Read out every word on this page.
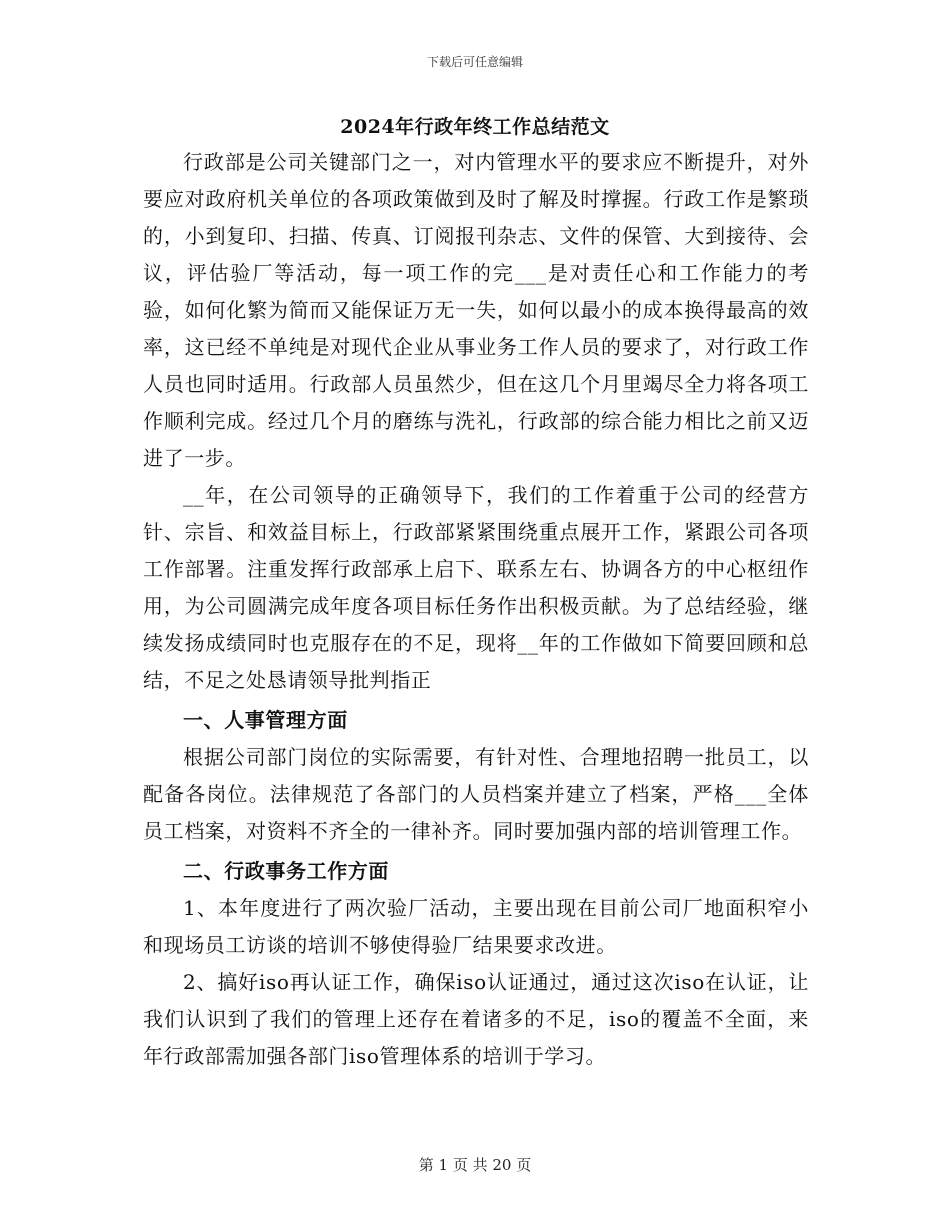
下载后可任意编辑
2024年行政年终工作总结范文

行政部是公司关键部门之一，对内管理水平的要求应不断提升，对外要应对政府机关单位的各项政策做到及时了解及时撑握。行政工作是繁琐的，小到复印、扫描、传真、订阅报刊杂志、文件的保管、大到接待、会议，评估验厂等活动，每一项工作的完___是对责任心和工作能力的考验，如何化繁为简而又能保证万无一失，如何以最小的成本换得最高的效率，这已经不单纯是对现代企业从事业务工作人员的要求了，对行政工作人员也同时适用。行政部人员虽然少，但在这几个月里竭尽全力将各项工作顺利完成。经过几个月的磨练与洗礼，行政部的综合能力相比之前又迈进了一步。

__年，在公司领导的正确领导下，我们的工作着重于公司的经营方针、宗旨、和效益目标上，行政部紧紧围绕重点展开工作，紧跟公司各项工作部署。注重发挥行政部承上启下、联系左右、协调各方的中心枢纽作用，为公司圆满完成年度各项目标任务作出积极贡献。为了总结经验，继续发扬成绩同时也克服存在的不足，现将__年的工作做如下简要回顾和总结，不足之处恳请领导批判指正

一、人事管理方面

根据公司部门岗位的实际需要，有针对性、合理地招聘一批员工，以配备各岗位。法律规范了各部门的人员档案并建立了档案，严格___全体员工档案，对资料不齐全的一律补齐。同时要加强内部的培训管理工作。

二、行政事务工作方面

1、本年度进行了两次验厂活动，主要出现在目前公司厂地面积窄小和现场员工访谈的培训不够使得验厂结果要求改进。

2、搞好iso再认证工作，确保iso认证通过，通过这次iso在认证，让我们认识到了我们的管理上还存在着诸多的不足，iso的覆盖不全面，来年行政部需加强各部门iso管理体系的培训于学习。

第 1 页 共 20 页
